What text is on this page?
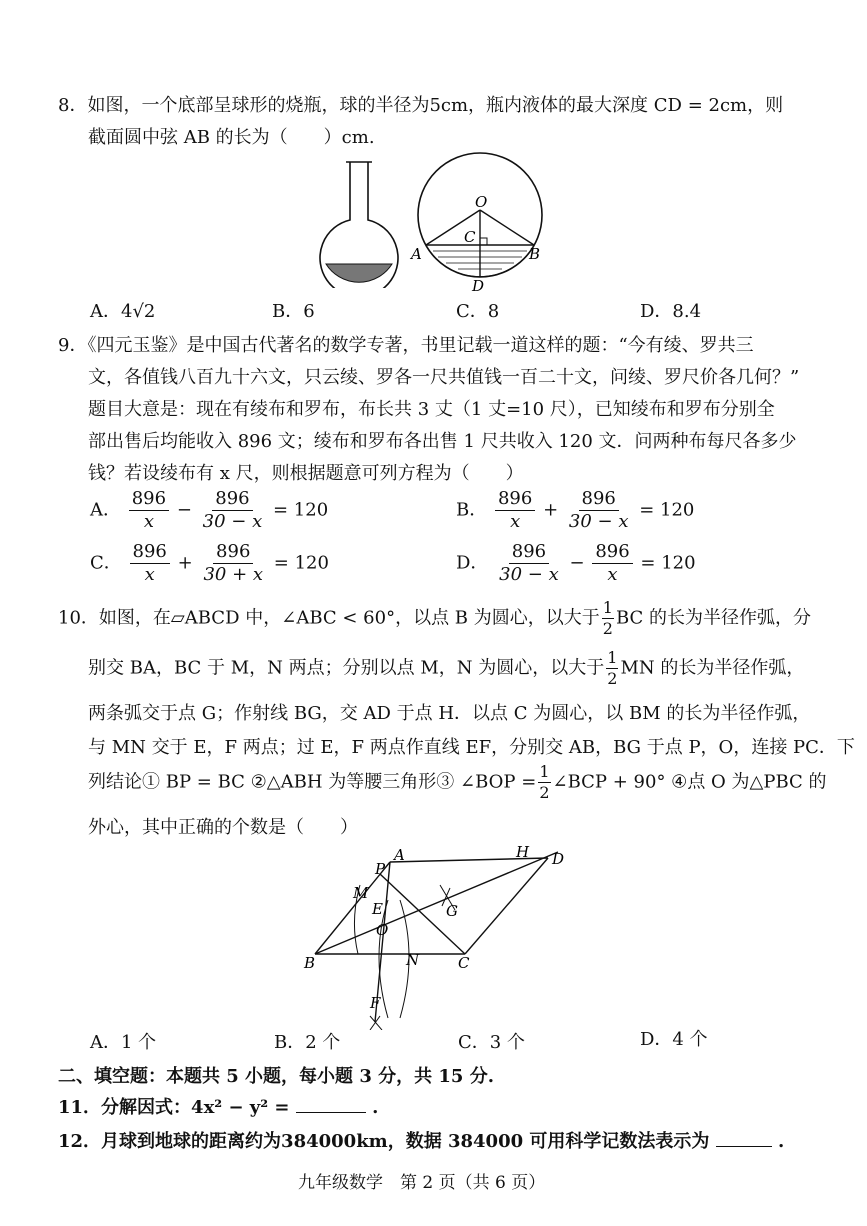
8．如图，一个底部呈球形的烧瓶，球的半径为5cm，瓶内液体的最大深度 CD = 2cm，则
截面圆中弦 AB 的长为（　　）cm.
O
C
A	B
D
A．4√2	B．6	C．8	D．8.4
9．《四元玉鉴》是中国古代著名的数学专著，书里记载一道这样的题：“今有绫、罗共三
文，各值钱八百九十六文，只云绫、罗各一尺共值钱一百二十文，问绫、罗尺价各几何？”
题目大意是：现在有绫布和罗布，布长共 3 丈（1 丈=10 尺），已知绫布和罗布分别全
部出售后均能收入 896 文；绫布和罗布各出售 1 尺共收入 120 文．问两种布每尺各多少
钱？若设绫布有 x 尺，则根据题意可列方程为（　　）
A． $\frac{896}{x} - \frac{896}{30 - x} = 120$	B． $\frac{896}{x} + \frac{896}{30 - x} = 120$
C． $\frac{896}{x} + \frac{896}{30 + x} = 120$	D． $\frac{896}{30 - x} - \frac{896}{x} = 120$
10．如图，在▱ABCD 中，∠ABC < 60°，以点 B 为圆心，以大于 $\frac{1}{2}$ BC 的长为半径作弧，分
别交 BA，BC 于 M，N 两点；分别以点 M，N 为圆心，以大于 $\frac{1}{2}$ MN 的长为半径作弧，
两条弧交于点 G；作射线 BG，交 AD 于点 H．以点 C 为圆心，以 BM 的长为半径作弧，
与 MN 交于 E，F 两点；过 E，F 两点作直线 EF，分别交 AB，BG 于点 P，O，连接 PC．下
列结论① BP = BC ②△ABH 为等腰三角形③ ∠BOP = $\frac{1}{2}$ ∠BCP + 90° ④点 O 为△PBC 的
外心，其中正确的个数是（　　）
A	H D
P
M
E	G
O
B	N	C
F
A．1 个	B．2 个	C．3 个	D．4 个
二、填空题：本题共 5 小题，每小题 3 分，共 15 分.
11．分解因式：4x² − y² =	.
12．月球到地球的距离约为384000km，数据 384000 可用科学记数法表示为	.
九年级数学　第 2 页（共 6 页）
